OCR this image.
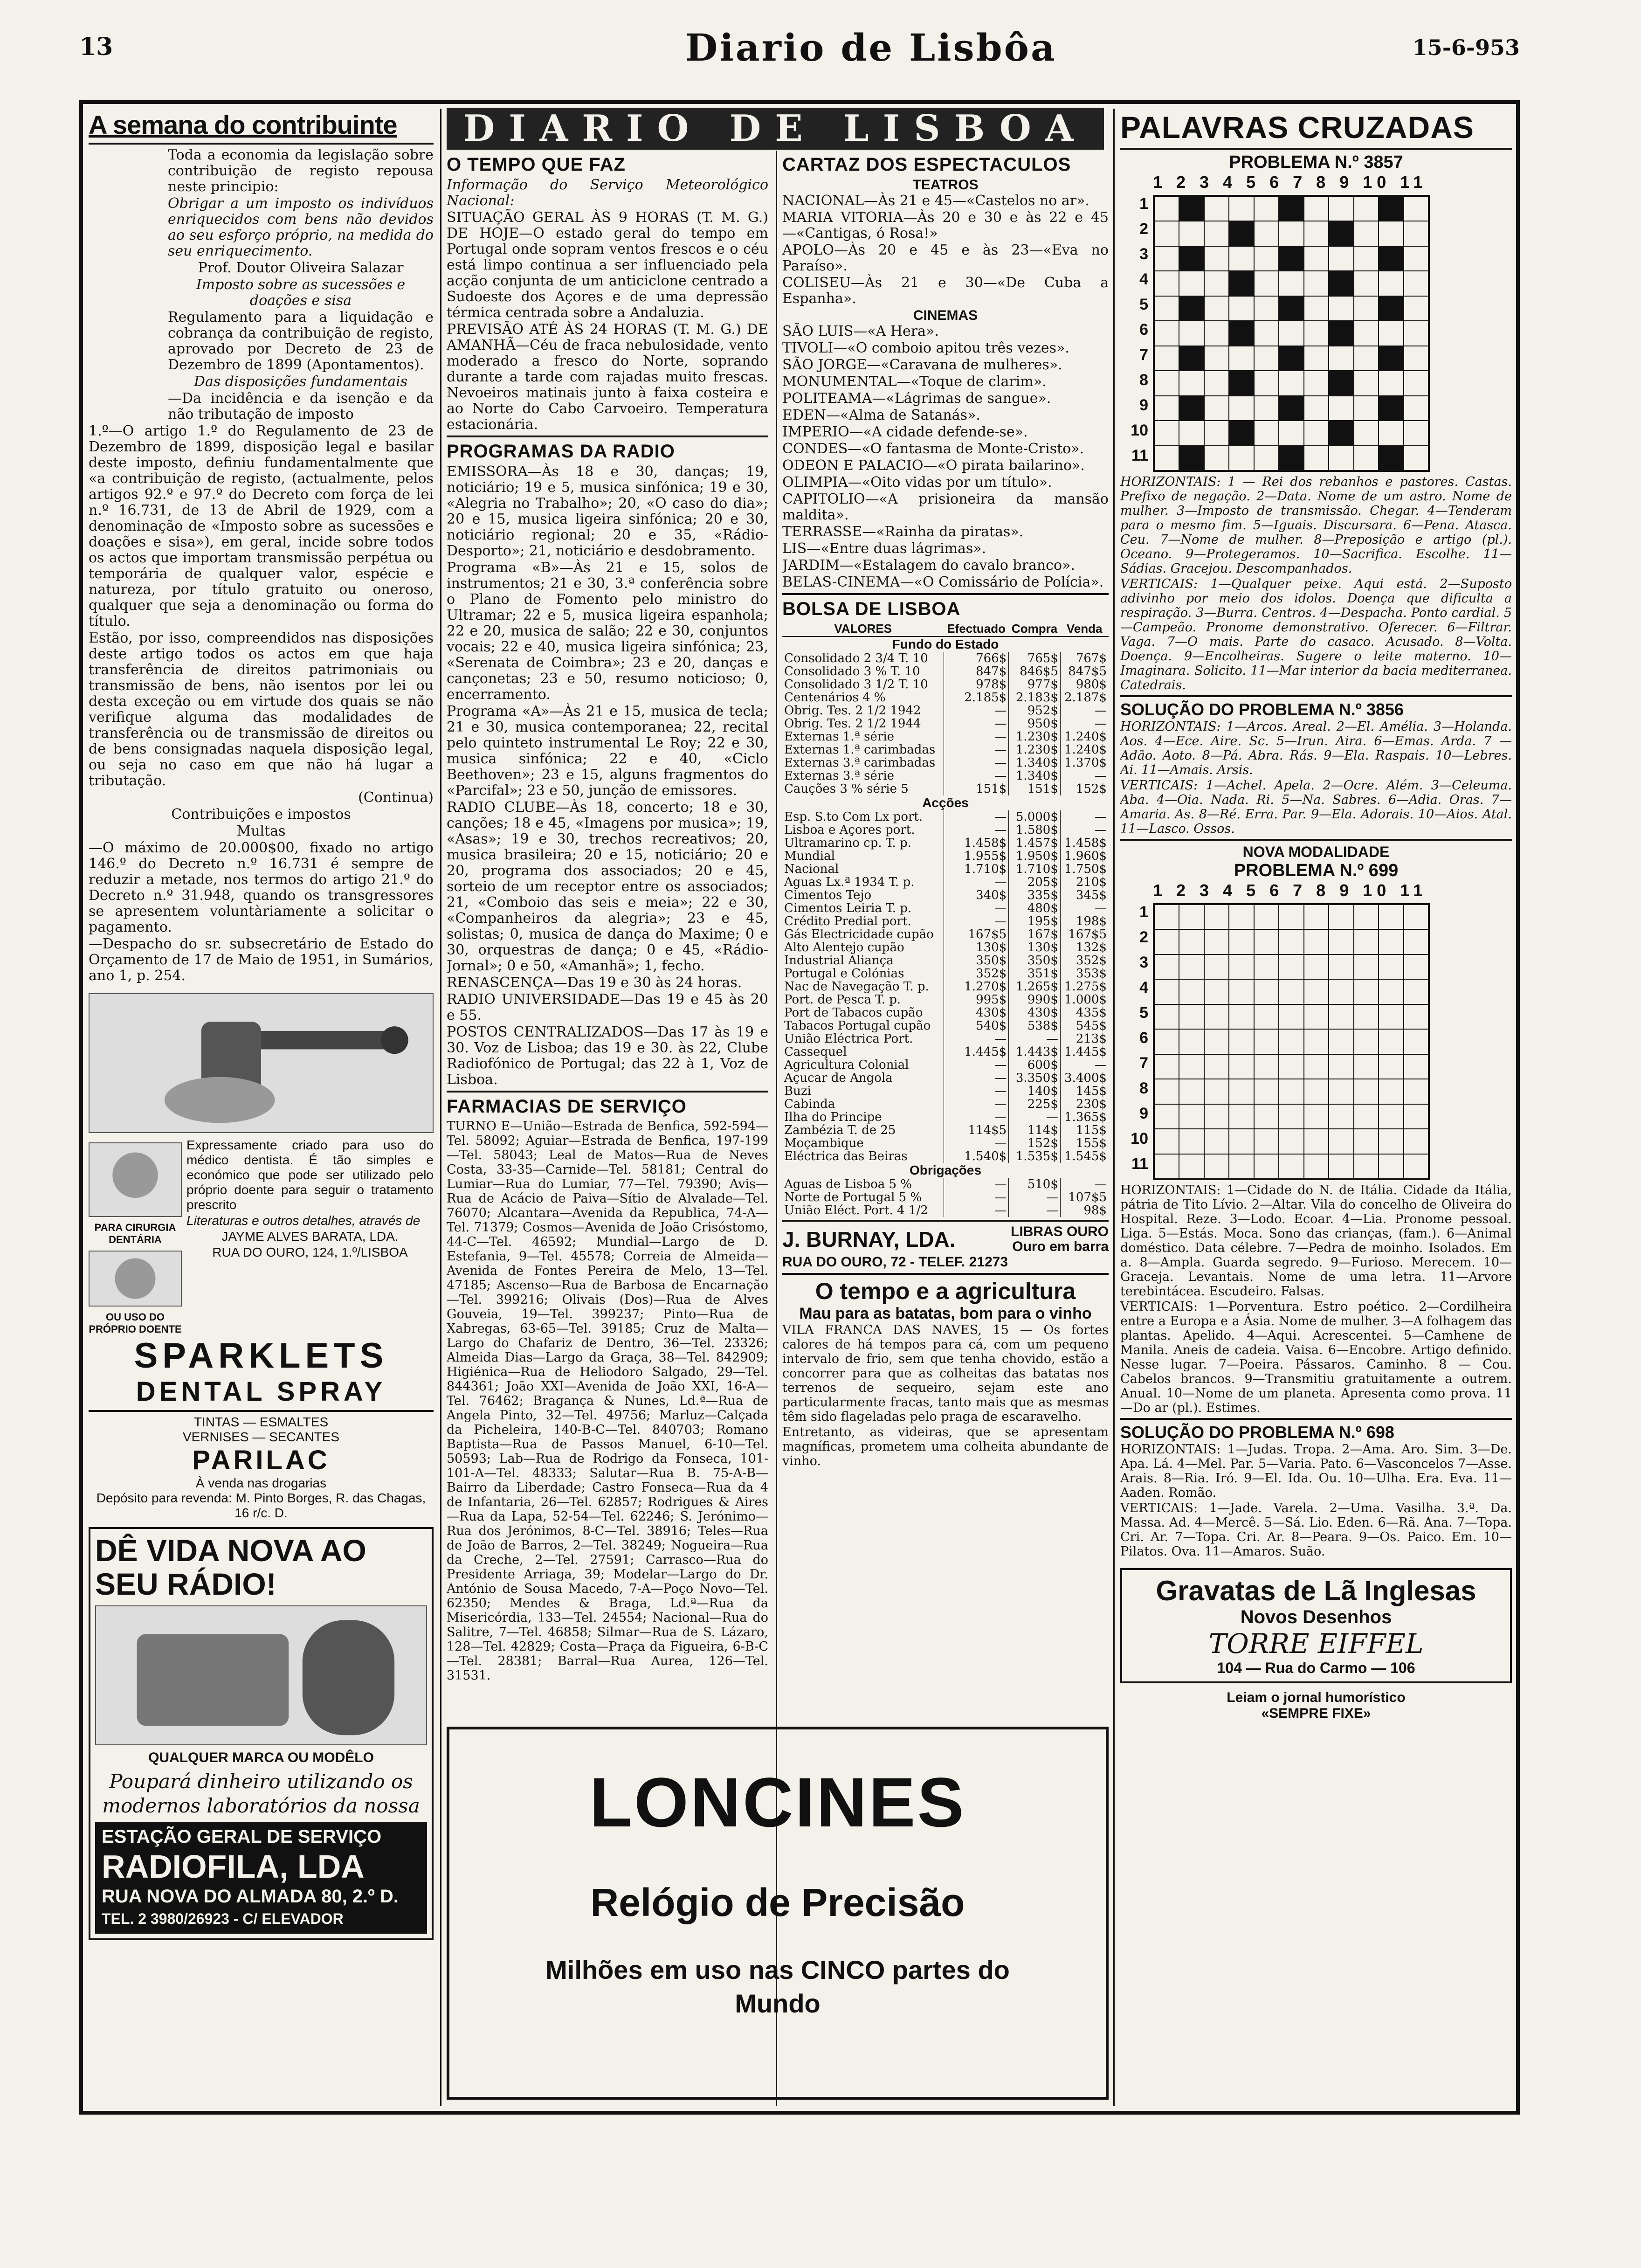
13	Diario de Lisbôa	15-6-953
DIARIO DE LISBOA
A semana do contribuinte

Toda a economia da legislação sobre contribuição de registo repousa neste principio:

Obrigar a um imposto os indivíduos enriquecidos com bens não devidos ao seu esforço próprio, na medida do seu enriquecimento.

Prof. Doutor Oliveira Salazar

Imposto sobre as sucessões e doações e sisa

Regulamento para a liquidação e cobrança da contribuição de registo, aprovado por Decreto de 23 de Dezembro de 1899 (Apontamentos).

Das disposições fundamentais

—Da incidência e da isenção e da não tributação de imposto

1.º—O artigo 1.º do Regulamento de 23 de Dezembro de 1899, disposição legal e basilar deste imposto, definiu fundamentalmente que «a contribuição de registo, (actualmente, pelos artigos 92.º e 97.º do Decreto com força de lei n.º 16.731, de 13 de Abril de 1929, com a denominação de «Imposto sobre as sucessões e doações e sisa»), em geral, incide sobre todos os actos que importam transmissão perpétua ou temporária de qualquer valor, espécie e natureza, por título gratuito ou oneroso, qualquer que seja a denominação ou forma do título.

Estão, por isso, compreendidos nas disposições deste artigo todos os actos em que haja transferência de direitos patrimoniais ou transmissão de bens, não isentos por lei ou desta exceção ou em virtude dos quais se não verifique alguma das modalidades de transferência ou de transmissão de direitos ou de bens consignadas naquela disposição legal, ou seja no caso em que não há lugar a tributação.

(Continua)

Contribuições e impostos

Multas

—O máximo de 20.000$00, fixado no artigo 146.º do Decreto n.º 16.731 é sempre de reduzir a metade, nos termos do artigo 21.º do Decreto n.º 31.948, quando os transgressores se apresentem voluntàriamente a solicitar o pagamento.

—Despacho do sr. subsecretário de Estado do Orçamento de 17 de Maio de 1951, in Sumários, ano 1, p. 254.

PARA CIRURGIA DENTÁRIA
OU USO DO PRÓPRIO DOENTE

Expressamente criado para uso do médico dentista. É tão simples e económico que pode ser utilizado pelo próprio doente para seguir o tratamento prescrito

Literaturas e outros detalhes, através de

JAYME ALVES BARATA, LDA.

RUA DO OURO, 124, 1.º/LISBOA

SPARKLETS
DENTAL SPRAY
TINTAS — ESMALTES
VERNISES — SECANTES
PARILAC
À venda nas drogarias
Depósito para revenda: M. Pinto Borges, R. das Chagas, 16 r/c. D.
DÊ VIDA NOVA AO SEU RÁDIO!
QUALQUER MARCA OU MODÊLO
Poupará dinheiro utilizando os modernos laboratórios da nossa
ESTAÇÃO GERAL DE SERVIÇO
RADIOFILA, LDA
RUA NOVA DO ALMADA 80, 2.º D.
TEL. 2 3980/26923 - C/ ELEVADOR
O TEMPO QUE FAZ

Informação do Serviço Meteorológico Nacional:

SITUAÇÃO GERAL ÀS 9 HORAS (T. M. G.) DE HOJE—O estado geral do tempo em Portugal onde sopram ventos frescos e o céu está limpo continua a ser influenciado pela acção conjunta de um anticiclone centrado a Sudoeste dos Açores e de uma depressão térmica centrada sobre a Andaluzia.

PREVISÃO ATÉ ÀS 24 HORAS (T. M. G.) DE AMANHÃ—Céu de fraca nebulosidade, vento moderado a fresco do Norte, soprando durante a tarde com rajadas muito frescas. Nevoeiros matinais junto à faixa costeira e ao Norte do Cabo Carvoeiro. Temperatura estacionária.

PROGRAMAS DA RADIO

EMISSORA—Às 18 e 30, danças; 19, noticiário; 19 e 5, musica sinfónica; 19 e 30, «Alegria no Trabalho»; 20, «O caso do dia»; 20 e 15, musica ligeira sinfónica; 20 e 30, noticiário regional; 20 e 35, «Rádio-Desporto»; 21, noticiário e desdobramento.

Programa «B»—Às 21 e 15, solos de instrumentos; 21 e 30, 3.ª conferência sobre o Plano de Fomento pelo ministro do Ultramar; 22 e 5, musica ligeira espanhola; 22 e 20, musica de salão; 22 e 30, conjuntos vocais; 22 e 40, musica ligeira sinfónica; 23, «Serenata de Coimbra»; 23 e 20, danças e cançonetas; 23 e 50, resumo noticioso; 0, encerramento.

Programa «A»—Às 21 e 15, musica de tecla; 21 e 30, musica contemporanea; 22, recital pelo quinteto instrumental Le Roy; 22 e 30, musica sinfónica; 22 e 40, «Ciclo Beethoven»; 23 e 15, alguns fragmentos do «Parcifal»; 23 e 50, junção de emissores.

RADIO CLUBE—Às 18, concerto; 18 e 30, canções; 18 e 45, «Imagens por musica»; 19, «Asas»; 19 e 30, trechos recreativos; 20, musica brasileira; 20 e 15, noticiário; 20 e 20, programa dos associados; 20 e 45, sorteio de um receptor entre os associados; 21, «Comboio das seis e meia»; 22 e 30, «Companheiros da alegria»; 23 e 45, solistas; 0, musica de dança do Maxime; 0 e 30, orquestras de dança; 0 e 45, «Rádio-Jornal»; 0 e 50, «Amanhã»; 1, fecho.

RENASCENÇA—Das 19 e 30 às 24 horas.

RADIO UNIVERSIDADE—Das 19 e 45 às 20 e 55.

POSTOS CENTRALIZADOS—Das 17 às 19 e 30. Voz de Lisboa; das 19 e 30. às 22, Clube Radiofónico de Portugal; das 22 à 1, Voz de Lisboa.

FARMACIAS DE SERVIÇO

TURNO E—União—Estrada de Benfica, 592-594—Tel. 58092; Aguiar—Estrada de Benfica, 197-199—Tel. 58043; Leal de Matos—Rua de Neves Costa, 33-35—Carnide—Tel. 58181; Central do Lumiar—Rua do Lumiar, 77—Tel. 79390; Avis—Rua de Acácio de Paiva—Sítio de Alvalade—Tel. 76070; Alcantara—Avenida da Republica, 74-A—Tel. 71379; Cosmos—Avenida de João Crisóstomo, 44-C—Tel. 46592; Mundial—Largo de D. Estefania, 9—Tel. 45578; Correia de Almeida—Avenida de Fontes Pereira de Melo, 13—Tel. 47185; Ascenso—Rua de Barbosa de Encarnação—Tel. 399216; Olivais (Dos)—Rua de Alves Gouveia, 19—Tel. 399237; Pinto—Rua de Xabregas, 63-65—Tel. 39185; Cruz de Malta—Largo do Chafariz de Dentro, 36—Tel. 23326; Almeida Dias—Largo da Graça, 38—Tel. 842909; Higiénica—Rua de Heliodoro Salgado, 29—Tel. 844361; João XXI—Avenida de João XXI, 16-A—Tel. 76462; Bragança & Nunes, Ld.ª—Rua de Angela Pinto, 32—Tel. 49756; Marluz—Calçada da Picheleira, 140-B-C—Tel. 840703; Romano Baptista—Rua de Passos Manuel, 6-10—Tel. 50593; Lab—Rua de Rodrigo da Fonseca, 101-101-A—Tel. 48333; Salutar—Rua B. 75-A-B—Bairro da Liberdade; Castro Fonseca—Rua da 4 de Infantaria, 26—Tel. 62857; Rodrigues & Aires—Rua da Lapa, 52-54—Tel. 62246; S. Jerónimo—Rua dos Jerónimos, 8-C—Tel. 38916; Teles—Rua de João de Barros, 2—Tel. 38249; Nogueira—Rua da Creche, 2—Tel. 27591; Carrasco—Rua do Presidente Arriaga, 39; Modelar—Largo do Dr. António de Sousa Macedo, 7-A—Poço Novo—Tel. 62350; Mendes & Braga, Ld.ª—Rua da Misericórdia, 133—Tel. 24554; Nacional—Rua do Salitre, 7—Tel. 46858; Silmar—Rua de S. Lázaro, 128—Tel. 42829; Costa—Praça da Figueira, 6-B-C—Tel. 28381; Barral—Rua Aurea, 126—Tel. 31531.

CARTAZ DOS ESPECTACULOS
TEATROS

NACIONAL—Às 21 e 45—«Castelos no ar».

MARIA VITORIA—Às 20 e 30 e às 22 e 45—«Cantigas, ó Rosa!»

APOLO—Às 20 e 45 e às 23—«Eva no Paraíso».

COLISEU—Às 21 e 30—«De Cuba a Espanha».

CINEMAS

SÃO LUIS—«A Hera».

TIVOLI—«O comboio apitou três vezes».

SÃO JORGE—«Caravana de mulheres».

MONUMENTAL—«Toque de clarim».

POLITEAMA—«Lágrimas de sangue».

EDEN—«Alma de Satanás».

IMPERIO—«A cidade defende-se».

CONDES—«O fantasma de Monte-Cristo».

ODEON E PALACIO—«O pirata bailarino».

OLIMPIA—«Oito vidas por um título».

CAPITOLIO—«A prisioneira da mansão maldita».

TERRASSE—«Rainha da piratas».

LIS—«Entre duas lágrimas».

JARDIM—«Estalagem do cavalo branco».

BELAS-CINEMA—«O Comissário de Polícia».

BOLSA DE LISBOA
VALORES	Efectuado	Compra	Venda
Fundo do Estado			
Consolidado 2 3/4 T. 10	766$	765$	767$
Consolidado 3 % T. 10	847$	846$5	847$5
Consolidado 3 1/2 T. 10	978$	977$	980$
Centenários 4 %	2.185$	2.183$	2.187$
Obrig. Tes. 2 1/2 1942	—	952$	—
Obrig. Tes. 2 1/2 1944	—	950$	—
Externas 1.ª série	—	1.230$	1.240$
Externas 1.ª carimbadas	—	1.230$	1.240$
Externas 3.ª carimbadas	—	1.340$	1.370$
Externas 3.ª série	—	1.340$	—
Cauções 3 % série 5	151$	151$	152$
Acções			
Esp. S.to Com Lx port.	—	5.000$	—
Lisboa e Açores port.	—	1.580$	—
Ultramarino cp. T. p.	1.458$	1.457$	1.458$
Mundial	1.955$	1.950$	1.960$
Nacional	1.710$	1.710$	1.750$
Aguas Lx.ª 1934 T. p.	—	205$	210$
Cimentos Tejo	340$	335$	345$
Cimentos Leiria T. p.	—	480$	—
Crédito Predial port.	—	195$	198$
Gás Electricidade cupão	167$5	167$	167$5
Alto Alentejo cupão	130$	130$	132$
Industrial Aliança	350$	350$	352$
Portugal e Colónias	352$	351$	353$
Nac de Navegação T. p.	1.270$	1.265$	1.275$
Port. de Pesca T. p.	995$	990$	1.000$
Port de Tabacos cupão	430$	430$	435$
Tabacos Portugal cupão	540$	538$	545$
União Eléctrica Port.	—	—	213$
Cassequel	1.445$	1.443$	1.445$
Agricultura Colonial	—	600$	—
Açucar de Angola	—	3.350$	3.400$
Buzi	—	140$	145$
Cabinda	—	225$	230$
Ilha do Principe	—	—	1.365$
Zambézia T. de 25	114$5	114$	115$
Moçambique	—	152$	155$
Eléctrica das Beiras	1.540$	1.535$	1.545$
Obrigações			
Aguas de Lisboa 5 %	—	510$	—
Norte de Portugal 5 %	—	—	107$5
União Eléct. Port. 4 1/2	—	—	98$
J. BURNAY, LDA.	LIBRAS OURO
Ouro em barra
RUA DO OURO, 72 - TELEF. 21273
O tempo e a agricultura
Mau para as batatas, bom para o vinho

VILA FRANCA DAS NAVES, 15 — Os fortes calores de há tempos para cá, com um pequeno intervalo de frio, sem que tenha chovido, estão a concorrer para que as colheitas das batatas nos terrenos de sequeiro, sejam este ano particularmente fracas, tanto mais que as mesmas têm sido flageladas pelo praga de escaravelho.

Entretanto, as videiras, que se apresentam magníficas, prometem uma colheita abundante de vinho.

LONCINES
Relógio de Precisão
Milhões em uso nas CINCO partes do Mundo
PALAVRAS CRUZADAS
PROBLEMA N.º 3857
1 2 3 4 5 6 7 8 9 10 11
1
2
3
4
5
6
7
8
9
10
11

HORIZONTAIS: 1 — Rei dos rebanhos e pastores. Castas. Prefixo de negação. 2—Data. Nome de um astro. Nome de mulher. 3—Imposto de transmissão. Chegar. 4—Tenderam para o mesmo fim. 5—Iguais. Discursara. 6—Pena. Atasca. Ceu. 7—Nome de mulher. 8—Preposição e artigo (pl.). Oceano. 9—Protegeramos. 10—Sacrifica. Escolhe. 11—Sádias. Gracejou. Descompanhados.

VERTICAIS: 1—Qualquer peixe. Aqui está. 2—Suposto adivinho por meio dos idolos. Doença que dificulta a respiração. 3—Burra. Centros. 4—Despacha. Ponto cardial. 5—Campeão. Pronome demonstrativo. Oferecer. 6—Filtrar. Vaga. 7—O mais. Parte do casaco. Acusado. 8—Volta. Doença. 9—Encolheiras. Sugere o leite materno. 10—Imaginara. Solicito. 11—Mar interior da bacia mediterranea. Catedrais.

SOLUÇÃO DO PROBLEMA N.º 3856

HORIZONTAIS: 1—Arcos. Areal. 2—El. Amélia. 3—Holanda. Aos. 4—Ece. Aire. Sc. 5—Irun. Aira. 6—Emas. Arda. 7 — Adão. Aoto. 8—Pá. Abra. Rás. 9—Ela. Raspais. 10—Lebres. Ai. 11—Amais. Arsis.

VERTICAIS: 1—Achel. Apela. 2—Ocre. Além. 3—Celeuma. Aba. 4—Oia. Nada. Ri. 5—Na. Sabres. 6—Adia. Oras. 7—Amaria. As. 8—Ré. Erra. Par. 9—Ela. Adorais. 10—Aios. Atal. 11—Lasco. Ossos.

NOVA MODALIDADE
PROBLEMA N.º 699
1 2 3 4 5 6 7 8 9 10 11
1
2
3
4
5
6
7
8
9
10
11

HORIZONTAIS: 1—Cidade do N. de Itália. Cidade da Itália, pátria de Tito Lívio. 2—Altar. Vila do concelho de Oliveira do Hospital. Reze. 3—Lodo. Ecoar. 4—Lia. Pronome pessoal. Liga. 5—Estás. Moca. Sono das crianças, (fam.). 6—Animal doméstico. Data célebre. 7—Pedra de moinho. Isolados. Em a. 8—Ampla. Guarda segredo. 9—Furioso. Merecem. 10—Graceja. Levantais. Nome de uma letra. 11—Arvore terebintácea. Escudeiro. Falsas.

VERTICAIS: 1—Porventura. Estro poético. 2—Cordilheira entre a Europa e a Ásia. Nome de mulher. 3—A folhagem das plantas. Apelido. 4—Aqui. Acrescentei. 5—Camhene de Manila. Aneis de cadeia. Vaisa. 6—Encobre. Artigo definido. Nesse lugar. 7—Poeira. Pássaros. Caminho. 8 — Cou. Cabelos brancos. 9—Transmitiu gratuitamente a outrem. Anual. 10—Nome de um planeta. Apresenta como prova. 11—Do ar (pl.). Estimes.

SOLUÇÃO DO PROBLEMA N.º 698

HORIZONTAIS: 1—Judas. Tropa. 2—Ama. Aro. Sim. 3—De. Apa. Lá. 4—Mel. Par. 5—Varia. Pato. 6—Vasconcelos 7—Asse. Arais. 8—Ria. Iró. 9—El. Ida. Ou. 10—Ulha. Era. Eva. 11—Aaden. Romão.

VERTICAIS: 1—Jade. Varela. 2—Uma. Vasilha. 3.ª. Da. Massa. Ad. 4—Mercê. 5—Sá. Lio. Eden. 6—Rã. Ana. 7—Topa. Cri. Ar. 7—Topa. Cri. Ar. 8—Peara. 9—Os. Paico. Em. 10—Pilatos. Ova. 11—Amaros. Suão.

Gravatas de Lã Inglesas
Novos Desenhos
TORRE EIFFEL
104 — Rua do Carmo — 106
Leiam o jornal humorístico
«SEMPRE FIXE»
